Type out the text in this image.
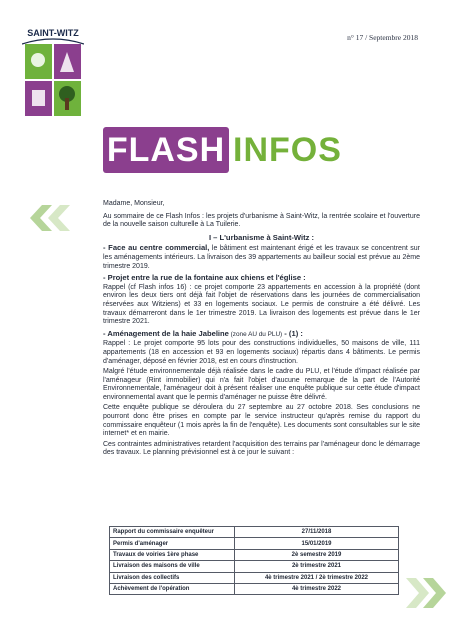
SAINT-WITZ	n° 17 / Septembre 2018
FLASH INFOS

Madame, Monsieur,

Au sommaire de ce Flash Infos : les projets d'urbanisme à Saint-Witz, la rentrée scolaire et l'ouverture de la nouvelle saison culturelle à La Tuilerie.

I – L'urbanisme à Saint-Witz :

- Face au centre commercial, le bâtiment est maintenant érigé et les travaux se concentrent sur les aménagements intérieurs. La livraison des 39 appartements au bailleur social est prévue au 2ème trimestre 2019.

- Projet entre la rue de la fontaine aux chiens et l'église :

Rappel (cf Flash infos 16) : ce projet comporte 23 appartements en accession à la propriété (dont environ les deux tiers ont déjà fait l'objet de réservations dans les journées de commercialisation réservées aux Witziens) et 33 en logements sociaux. Le permis de construire a été délivré. Les travaux démarreront dans le 1er trimestre 2019. La livraison des logements est prévue dans le 1er trimestre 2021.

- Aménagement de la haie Jabeline (zone AU du PLU) - (1) :

Rappel : Le projet comporte 95 lots pour des constructions individuelles, 50 maisons de ville, 111 appartements (18 en accession et 93 en logements sociaux) répartis dans 4 bâtiments. Le permis d'aménager, déposé en février 2018, est en cours d'instruction.

Malgré l'étude environnementale déjà réalisée dans le cadre du PLU, et l'étude d'impact réalisée par l'aménageur (Rint immobilier) qui n'a fait l'objet d'aucune remarque de la part de l'Autorité Environnementale, l'aménageur doit à présent réaliser une enquête publique sur cette étude d'impact environnemental avant que le permis d'aménager ne puisse être délivré.

Cette enquête publique se déroulera du 27 septembre au 27 octobre 2018. Ses conclusions ne pourront donc être prises en compte par le service instructeur qu'après remise du rapport du commissaire enquêteur (1 mois après la fin de l'enquête). Les documents sont consultables sur le site internet* et en mairie.

Ces contraintes administratives retardent l'acquisition des terrains par l'aménageur donc le démarrage des travaux. Le planning prévisionnel est à ce jour le suivant :

Rapport du commissaire enquêteur	27/11/2018
Permis d'aménager	15/01/2019
Travaux de voiries 1ère phase	2è semestre 2019
Livraison des maisons de ville	2è trimestre 2021
Livraison des collectifs	4è trimestre 2021 / 2è trimestre 2022
Achèvement de l'opération	4è trimestre 2022
